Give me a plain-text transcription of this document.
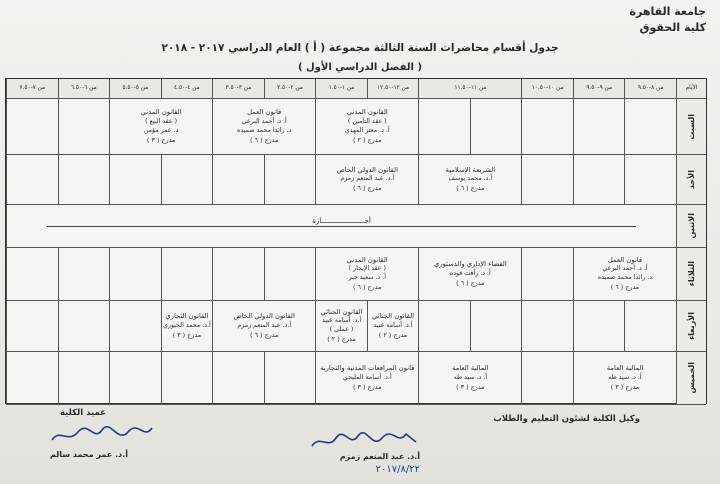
جامعة القاهرة
كلية الحقوق
جدول أقسام محاضرات السنة الثالثة مجموعة ( أ ) العام الدراسي ٢٠١٧ - ٢٠١٨
( الفصل الدراسي الأول )
الأيام
من ٨-٩.٥٠
من ٩-٩.٥٠
من ١٠-١٠.٥٠
من ١١-١١.٥٠
من ١٢-١٢.٥٠
من ١-١.٥٠
من ٢-٢.٥٠
من ٣-٣.٥٠
من ٤-٤.٥٠
من ٥-٥.٥٠
من ٦-٦.٥٠
من ٧-٧.٥٠
السبت
الأحد
الاثنين
الثلاثاء
الأربعاء
الخميس
القانون المدني
( عقد التأمين )
أ. د. معتز المهدي
مدرج ( ٢ )
قانون العمل
أ. د. أحمد البرعي
د. رائدا محمد صميده
مدرج ( ٦ )
القانون المدني
( عقد البيع )
د. عمر مؤمن
مدرج ( ٣ )
الشريعة الإسلامية
أ.د. محمد يوسف
مدرج ( ٦ )
القانون الدولي الخاص
أ.د. عبد المنعم زمزم
مدرج ( ٦ )
أجـــــــــــــــــــــازة
قانون العمل
أ. د. أحمد البرعي
د. رائدا محمد صميده
مدرج ( ٦ )
القضاء الإداري والدستوري
أ. د. رأفت فوده
مدرج ( ٦ )
القانون المدني
( عقد الإيجار )
أ. د. سعيد جبر
مدرج ( ٦ )
القانون الجنائي
أ.د. أسامة عبيد
مدرج ( ٢ )
القانون الجنائي
أ.د. أسامة عبيد
( عملي )
مدرج ( ٢ )
القانون الدولي الخاص
أ.د. عبد المنعم زمزم
مدرج ( ٦ )
القانون التجاري
أ.د. محمد الجبوري
مدرج ( ٣ )
المالية العامة
أ. د. سيد طه
مدرج ( ٣ )
المالية العامة
أ. د. سيد طه
مدرج ( ٣ )
قانون المرافعات المدنية والتجارية
أ.د. أسامة المليجي
مدرج ( ٣ )
وكيل الكلية لشئون التعليم والطلاب
أ.د. عبد المنعم زمزم
٢٠١٧/٨/٢٢
عميد الكلية
أ.د. عمر محمد سالم
